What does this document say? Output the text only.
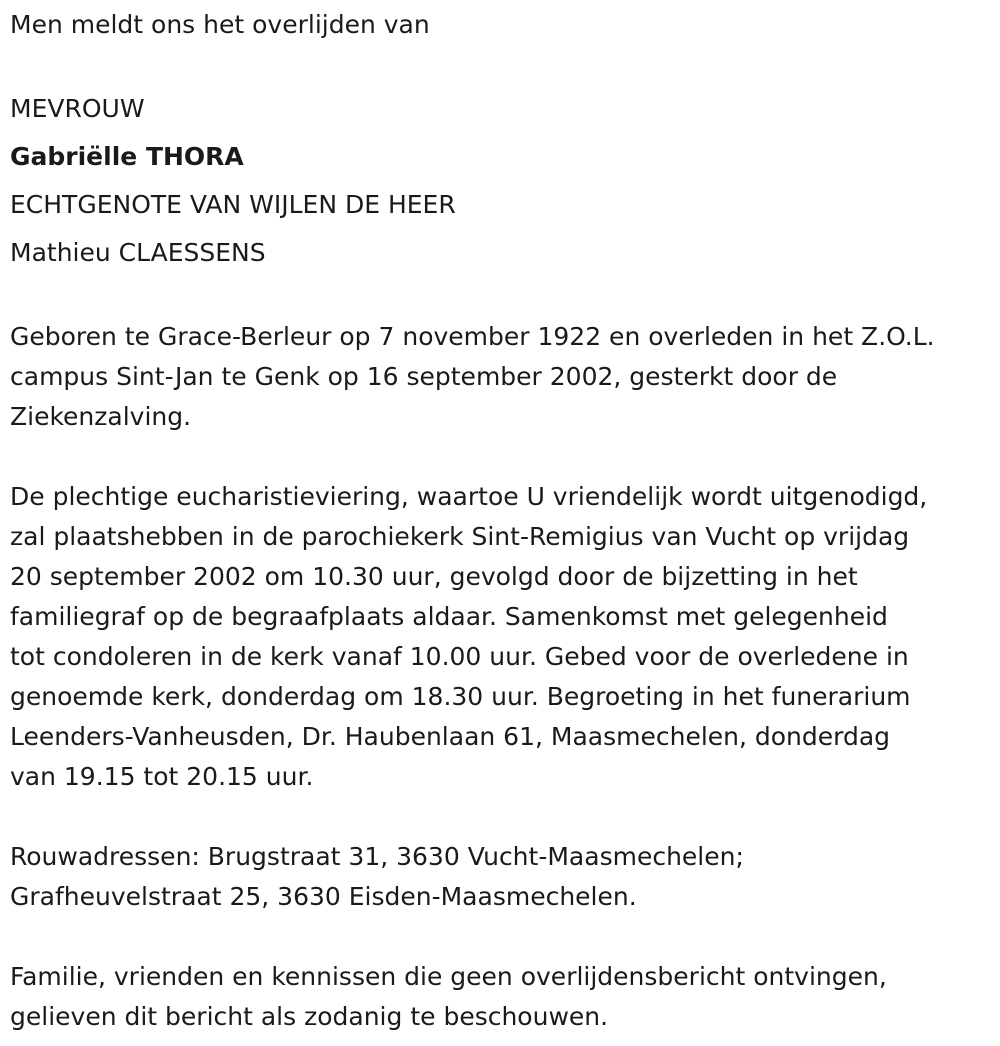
Men meldt ons het overlijden van

MEVROUW

Gabriëlle THORA

ECHTGENOTE VAN WIJLEN DE HEER

Mathieu CLAESSENS

Geboren te Grace-Berleur op 7 november 1922 en overleden in het Z.O.L.

campus Sint-Jan te Genk op 16 september 2002, gesterkt door de

Ziekenzalving.

De plechtige eucharistieviering, waartoe U vriendelijk wordt uitgenodigd,

zal plaatshebben in de parochiekerk Sint-Remigius van Vucht op vrijdag

20 september 2002 om 10.30 uur, gevolgd door de bijzetting in het

familiegraf op de begraafplaats aldaar. Samenkomst met gelegenheid

tot condoleren in de kerk vanaf 10.00 uur. Gebed voor de overledene in

genoemde kerk, donderdag om 18.30 uur. Begroeting in het funerarium

Leenders-Vanheusden, Dr. Haubenlaan 61, Maasmechelen, donderdag

van 19.15 tot 20.15 uur.

Rouwadressen: Brugstraat 31, 3630 Vucht-Maasmechelen;

Grafheuvelstraat 25, 3630 Eisden-Maasmechelen.

Familie, vrienden en kennissen die geen overlijdensbericht ontvingen,

gelieven dit bericht als zodanig te beschouwen.
